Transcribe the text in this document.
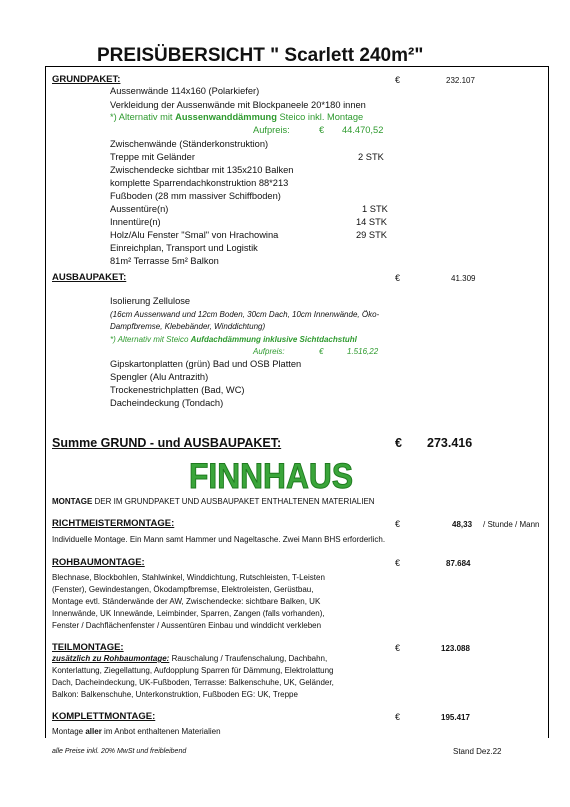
PREISÜBERSICHT " Scarlett 240m²"
GRUNDPAKET:	€	232.107
Aussenwände 114x160 (Polarkiefer)
Verkleidung der Aussenwände mit Blockpaneele 20*180 innen
*) Alternativ mit Aussenwanddämmung Steico inkl. Montage
Aufpreis:	€ 44.470,52
Zwischenwände (Ständerkonstruktion)
Treppe mit Geländer	2 STK
Zwischendecke sichtbar mit 135x210 Balken
komplette Sparrendachkonstruktion 88*213
Fußboden (28 mm massiver Schiffboden)
Aussentüre(n)	1 STK
Innentüre(n)	14 STK
Holz/Alu Fenster "Smal" von Hrachowina	29 STK
Einreichplan, Transport und Logistik
81m² Terrasse 5m² Balkon
AUSBAUPAKET:	€	41.309
Isolierung Zellulose
(16cm Aussenwand und 12cm Boden, 30cm Dach, 10cm Innenwände, Öko-
Dampfbremse, Klebebänder, Winddichtung)
*) Alternativ mit Steico Aufdachdämmung inklusive Sichtdachstuhl
Aufpreis:	€	1.516,22
Gipskartonplatten (grün) Bad und OSB Platten
Spengler (Alu Antrazith)
Trockenestrichplatten (Bad, WC)
Dacheindeckung (Tondach)
Summe GRUND - und AUSBAUPAKET:	€ 273.416
FINNHAUS
MONTAGE DER IM GRUNDPAKET UND AUSBAUPAKET ENTHALTENEN MATERIALIEN
RICHTMEISTERMONTAGE:	€	48,33 / Stunde / Mann
Individuelle Montage. Ein Mann samt Hammer und Nageltasche. Zwei Mann BHS erforderlich.
ROHBAUMONTAGE:	€	87.684
Blechnase, Blockbohlen, Stahlwinkel, Winddichtung, Rutschleisten, T-Leisten
(Fenster), Gewindestangen, Ökodampfbremse, Elektroleisten, Gerüstbau,
Montage evtl. Ständerwände der AW, Zwischendecke: sichtbare Balken, UK
Innenwände, UK Innewände, Leimbinder, Sparren, Zangen (falls vorhanden),
Fenster / Dachflächenfenster / Aussentüren Einbau und winddicht verkleben
TEILMONTAGE:	€	123.088
zusätzlich zu Rohbaumontage: Rauschalung / Traufenschalung, Dachbahn,
Konterlattung, Ziegellattung, Aufdopplung Sparren für Dämmung, Elektrolattung
Dach, Dacheindeckung, UK-Fußboden, Terrasse: Balkenschuhe, UK, Geländer,
Balkon: Balkenschuhe, Unterkonstruktion, Fußboden EG: UK, Treppe
KOMPLETTMONTAGE:	€	195.417
Montage aller im Anbot enthaltenen Materialien
alle Preise inkl. 20% MwSt und freibleibend	Stand Dez.22
